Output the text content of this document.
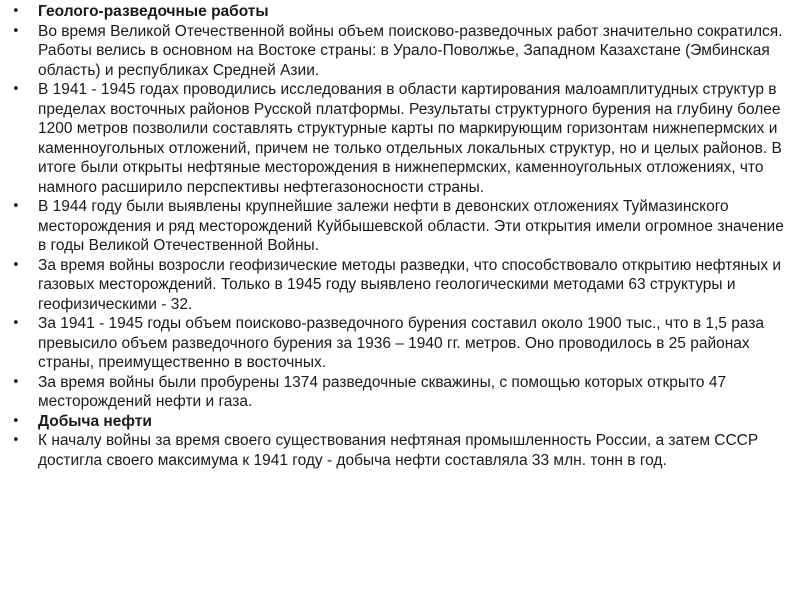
•	Геолого-разведочные работы
•	Во время Великой Отечественной войны объем поисково-разведочных работ значительно сократился. Работы велись в основном на Востоке страны: в Урало-Поволжье, Западном Казахстане (Эмбинская область) и республиках Средней Азии.
•	В 1941 - 1945 годах проводились исследования в области картирования малоамплитудных структур в пределах восточных районов Русской платформы. Результаты структурного бурения на глубину более 1200 метров позволили составлять структурные карты по маркирующим горизонтам нижнепермских и каменноугольных отложений, причем не только отдельных локальных структур, но и целых районов. В итоге были открыты нефтяные месторождения в нижнепермских, каменноугольных отложениях, что намного расширило перспективы нефтегазоносности страны.
•	В 1944 году были выявлены крупнейшие залежи нефти в девонских отложениях Туймазинского месторождения и ряд месторождений Куйбышевской области. Эти открытия имели огромное значение в годы Великой Отечественной Войны.
•	За время войны возросли геофизические методы разведки, что способствовало открытию нефтяных и газовых месторождений. Только в 1945 году выявлено геологическими методами 63 структуры и геофизическими - 32.
•	За 1941 - 1945 годы объем поисково-разведочного бурения составил около 1900 тыс., что в 1,5 раза превысило объем разведочного бурения за 1936 – 1940 гг. метров. Оно проводилось в 25 районах страны, преимущественно в восточных.
•	За время войны были пробурены 1374 разведочные скважины, с помощью которых открыто 47 месторождений нефти и газа.
•	Добыча нефти
•	К началу войны за время своего существования нефтяная промышленность России, а затем СССР достигла своего максимума к 1941 году - добыча нефти составляла 33 млн. тонн в год.
